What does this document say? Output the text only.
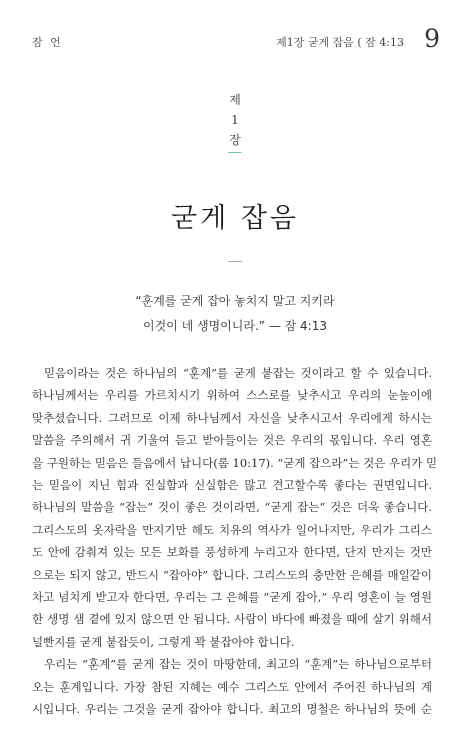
잠 언	제1장 굳게 잡음 ( 잠 4:13 9
제
1
장
굳게 잡음
“훈계를 굳게 잡아 놓치지 말고 지키라
이것이 네 생명이니라.” — 잠 4:13
믿음이라는 것은 하나님의 “훈계”를 굳게 붙잡는 것이라고 할 수 있습니다.
하나님께서는 우리를 가르치시기 위하여 스스로를 낮추시고 우리의 눈높이에
맞추셨습니다. 그러므로 이제 하나님께서 자신을 낮추시고서 우리에게 하시는
말씀을 주의해서 귀 기울여 듣고 받아들이는 것은 우리의 몫입니다. 우리 영혼
을 구원하는 믿음은 들음에서 납니다(롬 10:17). “굳게 잡으라”는 것은 우리가 믿
는 믿음이 지닌 힘과 진실함과 신실함은 많고 견고할수록 좋다는 권면입니다.
하나님의 말씀을 “잡는” 것이 좋은 것이라면, “굳게 잡는” 것은 더욱 좋습니다.
그리스도의 옷자락을 만지기만 해도 치유의 역사가 일어나지만, 우리가 그리스
도 안에 감춰져 있는 모든 보화를 풍성하게 누리고자 한다면, 단지 만지는 것만
으로는 되지 않고, 반드시 “잡아야” 합니다. 그리스도의 충만한 은혜를 매일같이
차고 넘치게 받고자 한다면, 우리는 그 은혜를 “굳게 잡아,” 우리 영혼이 늘 영원
한 생명 샘 곁에 있지 않으면 안 됩니다. 사람이 바다에 빠졌을 때에 살기 위해서
널빤지를 굳게 붙잡듯이, 그렇게 꽉 붙잡아야 합니다.
우리는 “훈계”를 굳게 잡는 것이 마땅한데, 최고의 “훈계”는 하나님으로부터
오는 훈계입니다. 가장 참된 지혜는 예수 그리스도 안에서 주어진 하나님의 계
시입니다. 우리는 그것을 굳게 잡아야 합니다. 최고의 명철은 하나님의 뜻에 순
